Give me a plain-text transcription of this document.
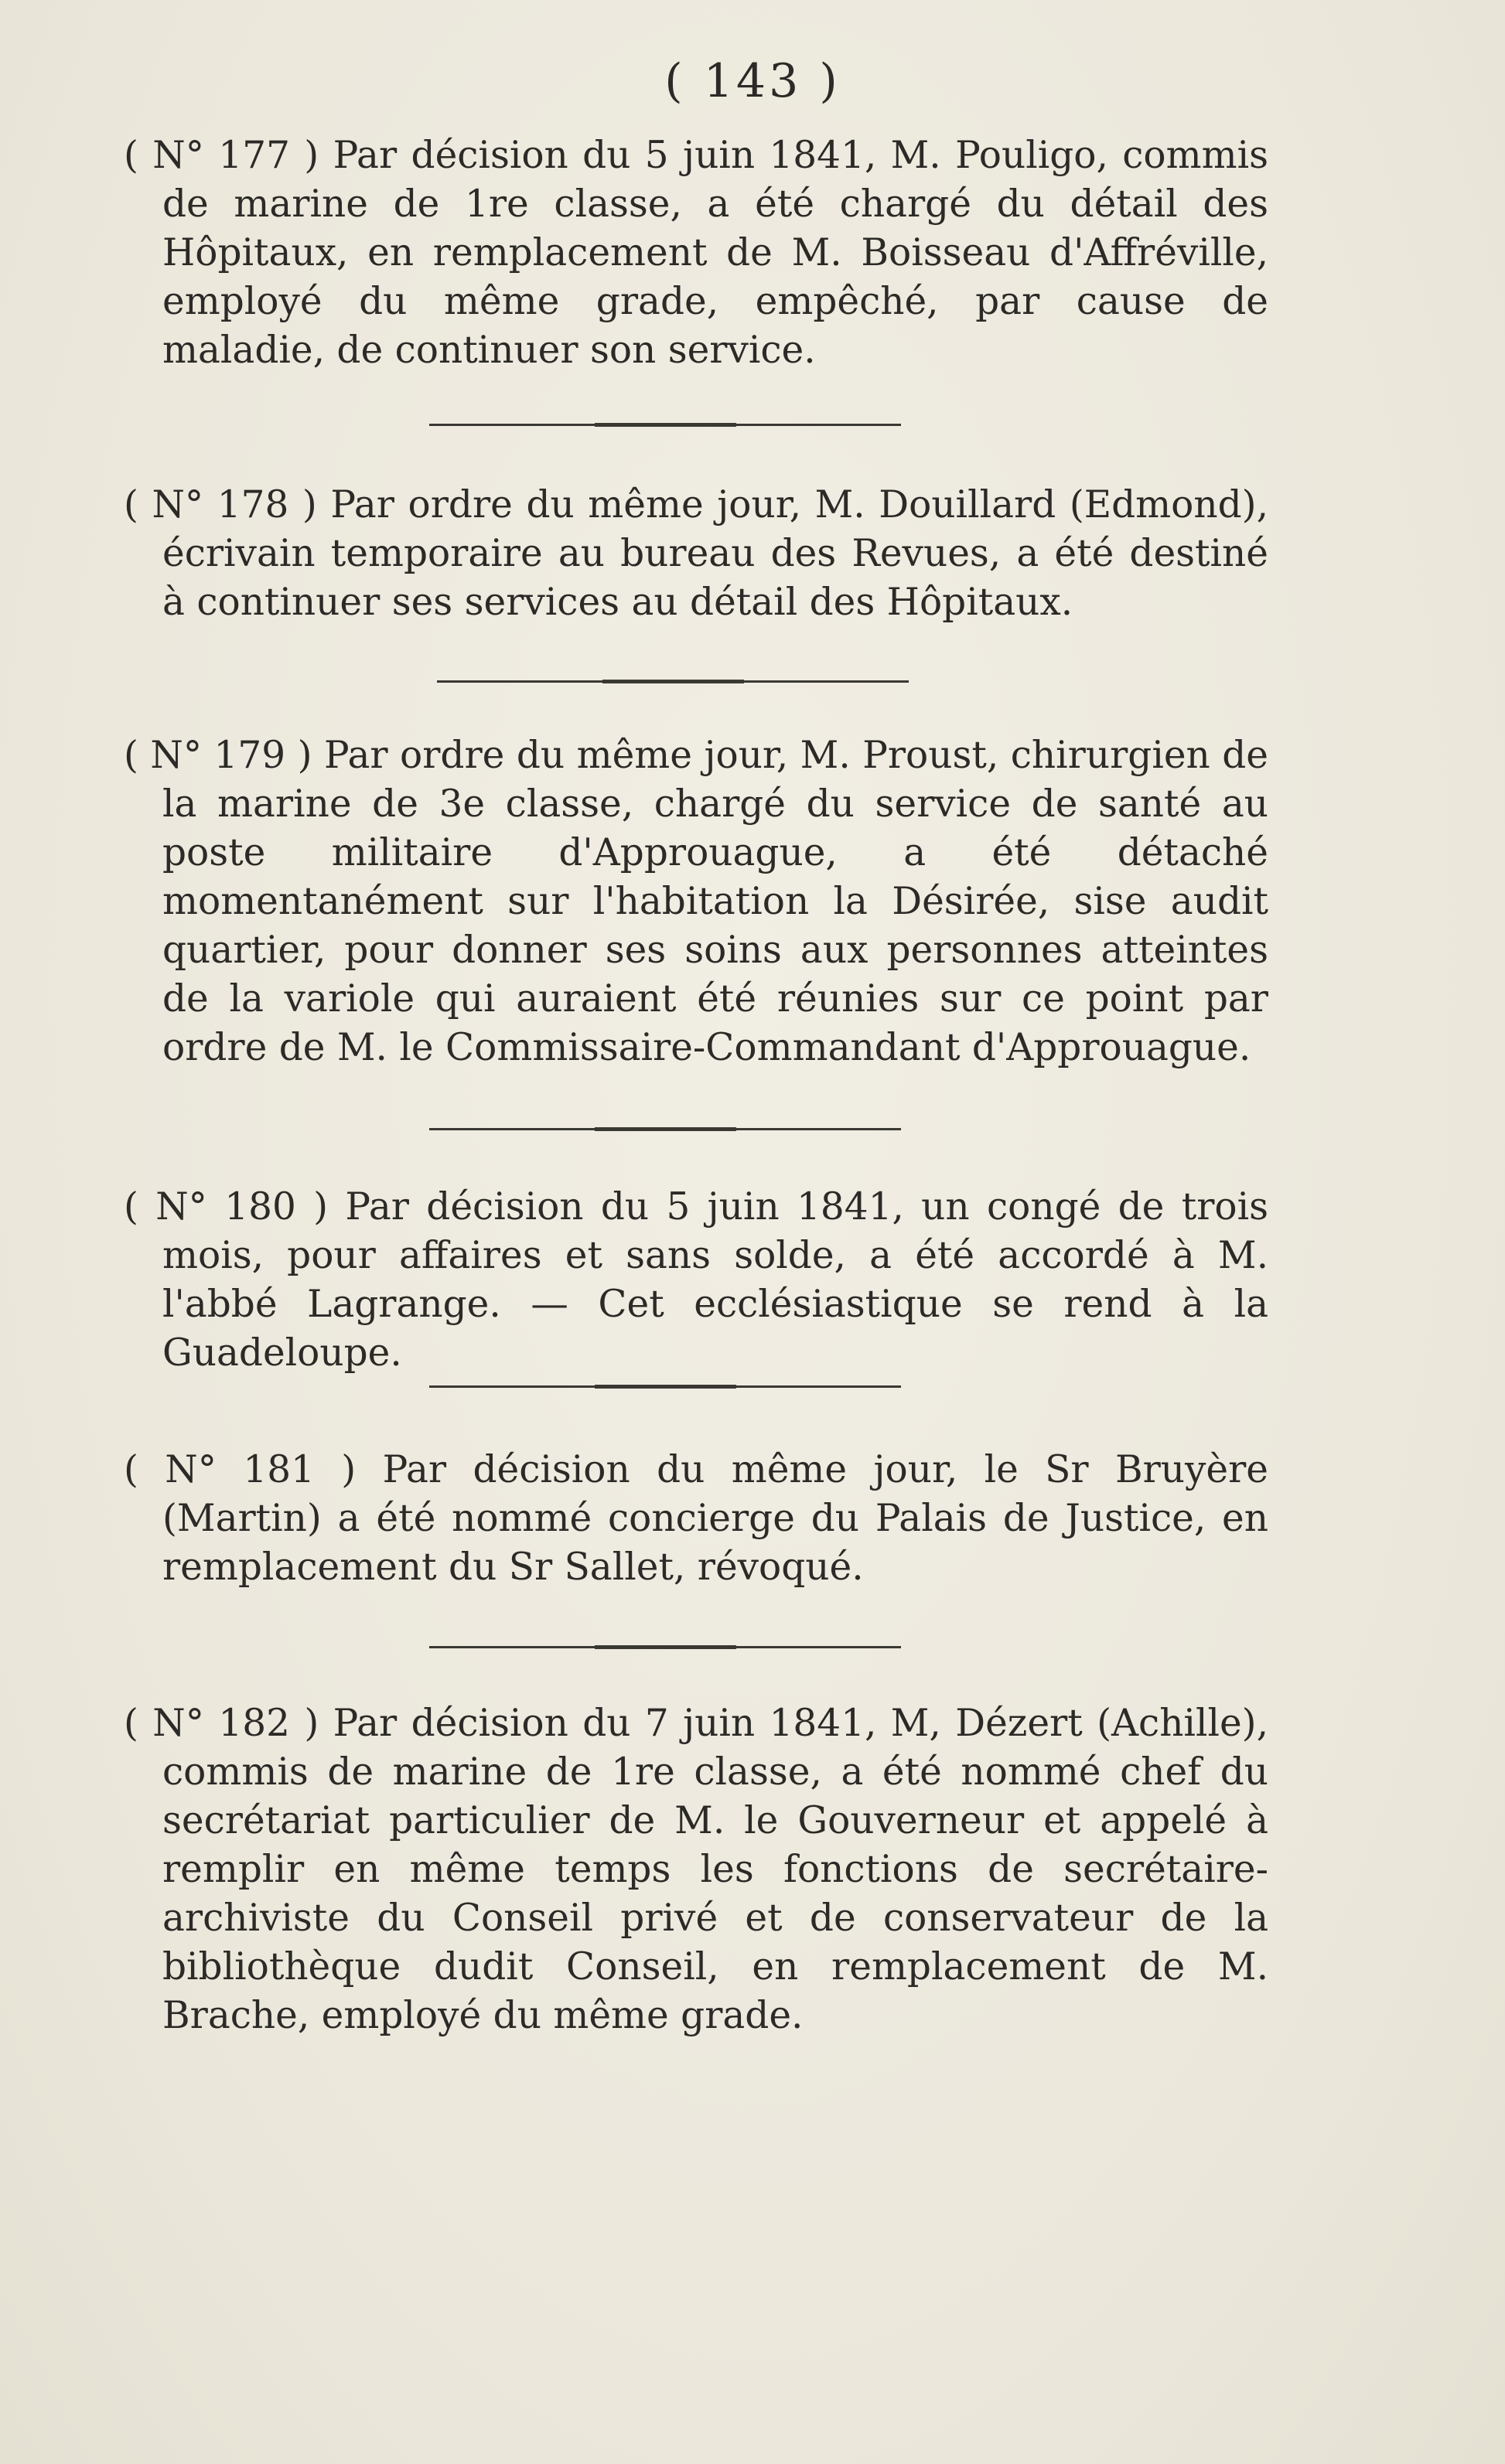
( 143 )

( N° 177 ) Par décision du 5 juin 1841, M. Pouligo, commis de marine de 1re classe, a été chargé du détail des Hôpitaux, en remplacement de M. Boisseau d'Affréville, employé du même grade, empêché, par cause de maladie, de continuer son service.

( N° 178 ) Par ordre du même jour, M. Douillard (Edmond), écrivain temporaire au bureau des Revues, a été destiné à continuer ses services au détail des Hôpitaux.

( N° 179 ) Par ordre du même jour, M. Proust, chirurgien de la marine de 3e classe, chargé du service de santé au poste militaire d'Approuague, a été détaché momentanément sur l'habitation la Désirée, sise audit quartier, pour donner ses soins aux personnes atteintes de la variole qui auraient été réunies sur ce point par ordre de M. le Commissaire-Commandant d'Approuague.

( N° 180 ) Par décision du 5 juin 1841, un congé de trois mois, pour affaires et sans solde, a été accordé à M. l'abbé Lagrange. — Cet ecclésiastique se rend à la Guadeloupe.

( N° 181 ) Par décision du même jour, le Sr Bruyère (Martin) a été nommé concierge du Palais de Justice, en remplacement du Sr Sallet, révoqué.

( N° 182 ) Par décision du 7 juin 1841, M, Dézert (Achille), commis de marine de 1re classe, a été nommé chef du secrétariat particulier de M. le Gouverneur et appelé à remplir en même temps les fonctions de secrétaire-archiviste du Conseil privé et de conservateur de la bibliothèque dudit Conseil, en remplacement de M. Brache, employé du même grade.
